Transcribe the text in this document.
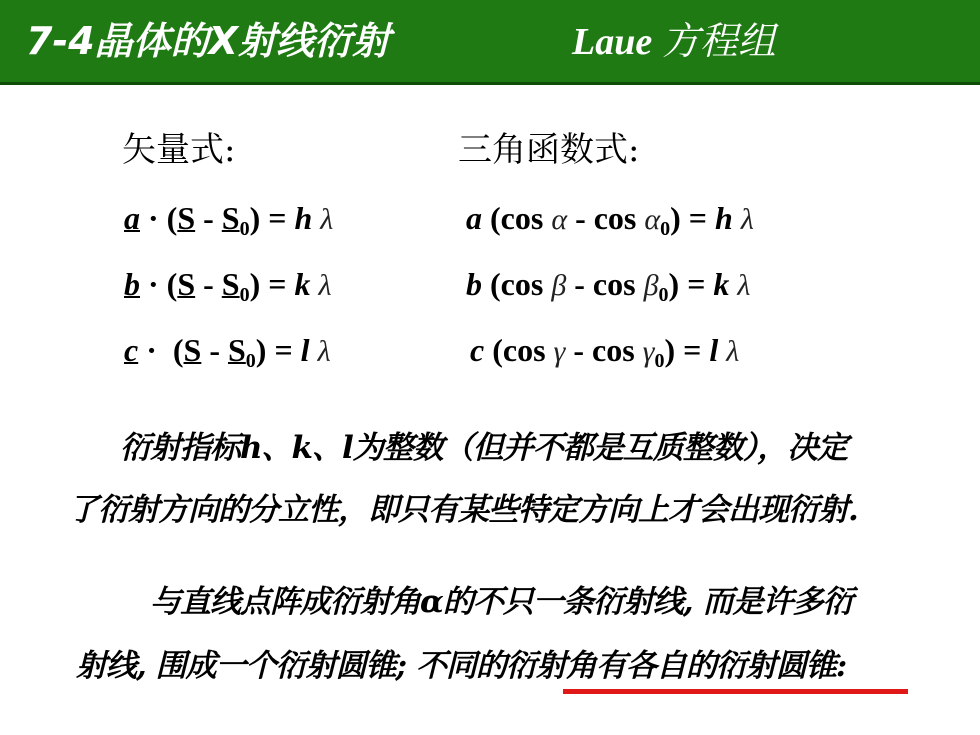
7-4晶体的X射线衍射	Laue 方程组
矢量式:	三角函数式:
$a \cdot (S - S_0) = h$ λ
$b \cdot (S - S_0) = k$ λ
$c \cdot (S - S_0) = l$ λ
a (cos $\alpha - \cos \alpha_0) = h$ λ
b (cos $\beta - \cos \beta_0) = k$ λ
c (cos $\gamma - \cos \gamma_0) = l$ λ
衍射指标h、k、l为整数（但并不都是互质整数），决定
了衍射方向的分立性，即只有某些特定方向上才会出现衍射.
与直线点阵成衍射角α的不只一条衍射线, 而是许多衍
射线, 围成一个衍射圆锥; 不同的衍射角有各自的衍射圆锥:
